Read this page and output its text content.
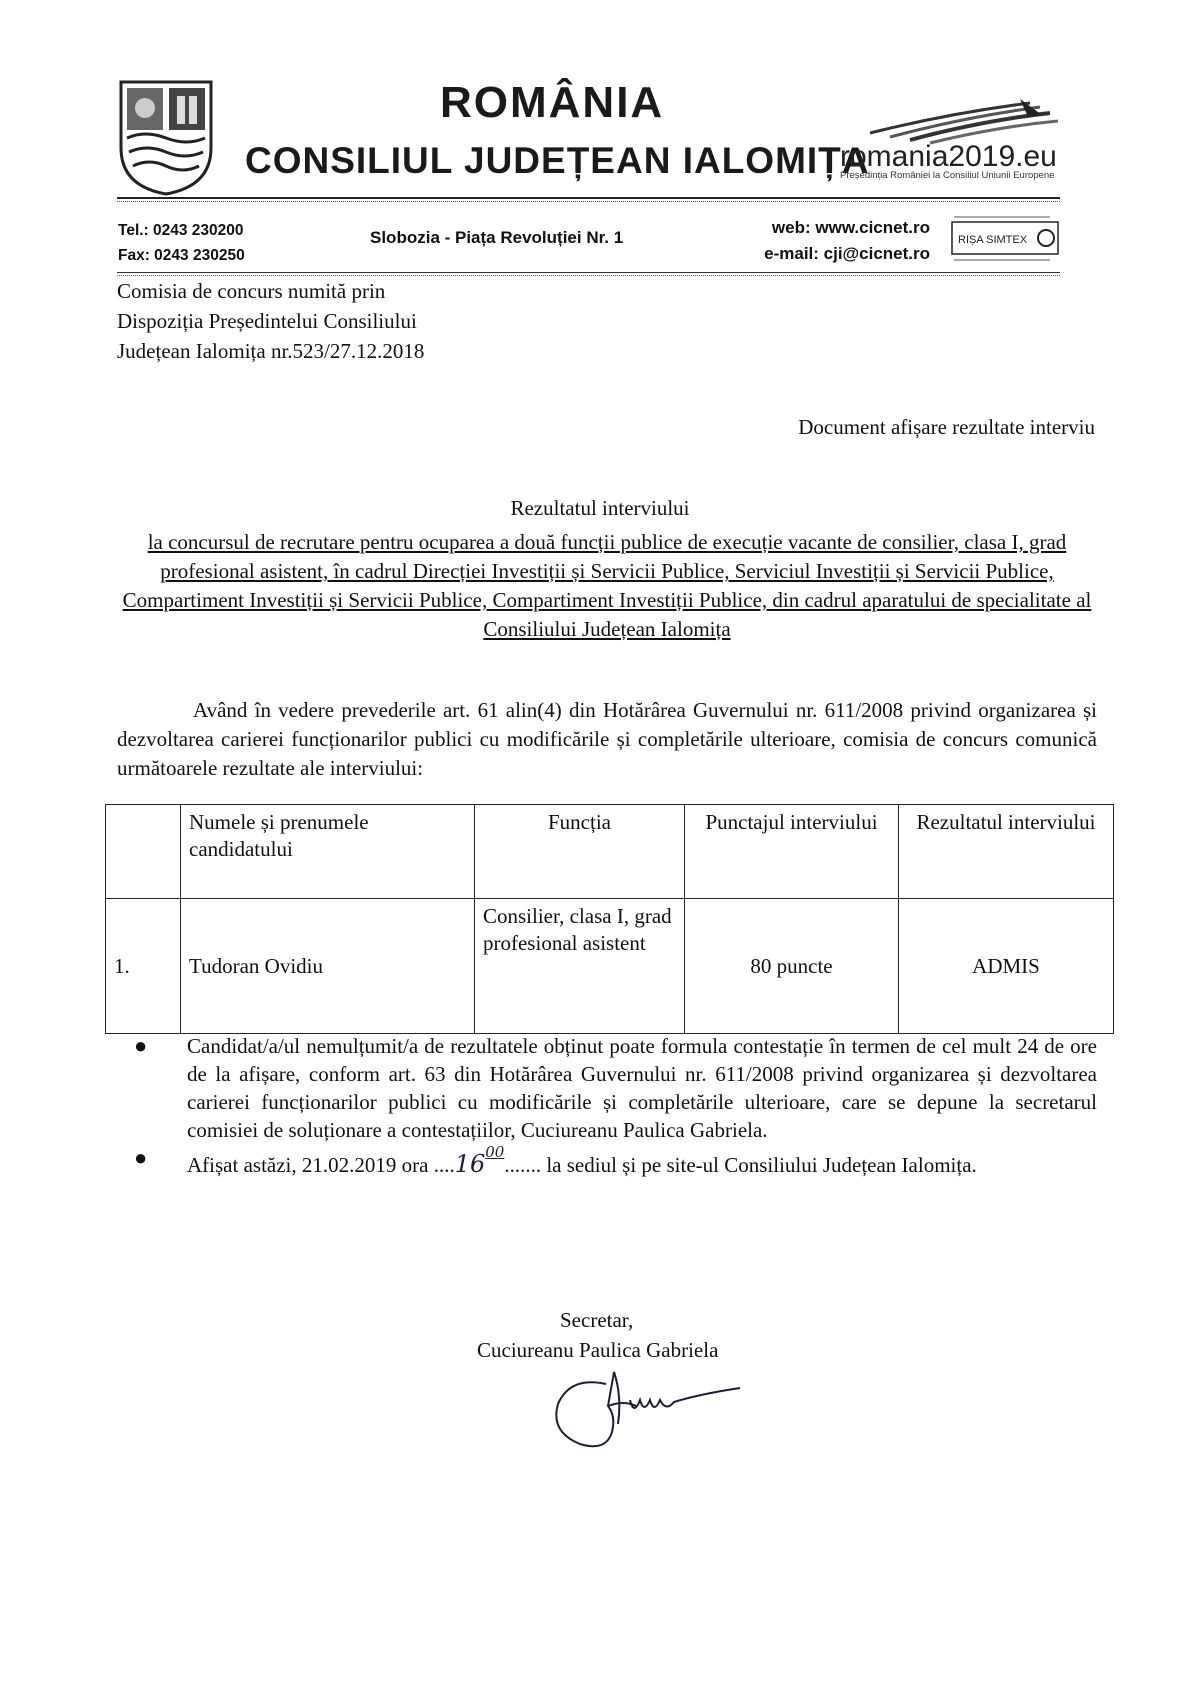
ROMÂNIA
CONSILIUL JUDEȚEAN IALOMIȚA
romania2019.eu
Președinția României la Consiliul Uniunii Europene
Tel.: 0243 230200
Fax: 0243 230250
Slobozia - Piața Revoluției Nr. 1
web: www.cicnet.ro
e-mail: cji@cicnet.ro
RIȘA SIMTEX
Comisia de concurs numită prin
Dispoziția Președintelui Consiliului
Județean Ialomița nr.523/27.12.2018
Document afișare rezultate interviu
Rezultatul interviului
la concursul de recrutare pentru ocuparea a două funcții publice de execuție vacante de consilier, clasa I, grad profesional asistent, în cadrul Direcției Investiții și Servicii Publice, Serviciul Investiții și Servicii Publice, Compartiment Investiții și Servicii Publice, Compartiment Investiții Publice, din cadrul aparatului de specialitate al Consiliului Județean Ialomița
Având în vedere prevederile art. 61 alin(4) din Hotărârea Guvernului nr. 611/2008 privind organizarea și dezvoltarea carierei funcționarilor publici cu modificările și completările ulterioare, comisia de concurs comunică următoarele rezultate ale interviului:
	Numele și prenumele candidatului	Funcția	Punctajul interviului	Rezultatul interviului
1.	Tudoran Ovidiu	Consilier, clasa I, grad profesional asistent	80 puncte	ADMIS
● Candidat/a/ul nemulțumit/a de rezultatele obținut poate formula contestație în termen de cel mult 24 de ore de la afișare, conform art. 63 din Hotărârea Guvernului nr. 611/2008 privind organizarea și dezvoltarea carierei funcționarilor publici cu modificările și completările ulterioare, care se depune la secretarul comisiei de soluționare a contestațiilor, Cuciureanu Paulica Gabriela.
● Afișat astăzi, 21.02.2019 ora ....16$^{00}$....... la sediul și pe site-ul Consiliului Județean Ialomița.
Secretar,
Cuciureanu Paulica Gabriela
